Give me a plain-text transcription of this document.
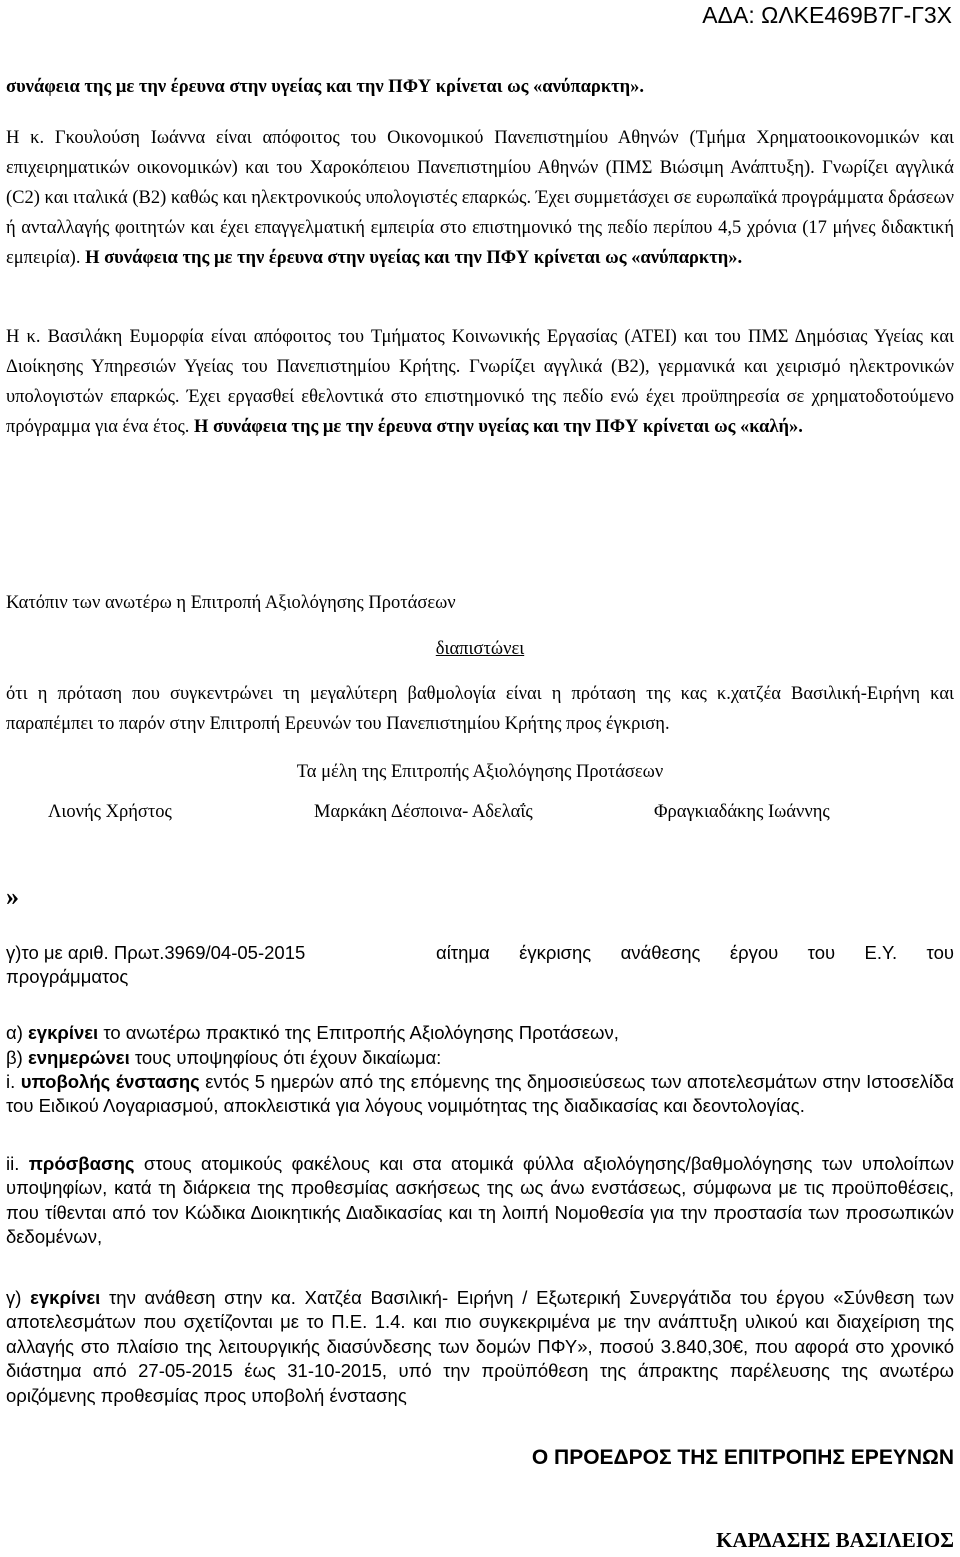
ΑΔΑ: ΩΛΚΕ469Β7Γ-Γ3Χ

συνάφεια της με την έρευνα στην υγείας και την ΠΦΥ κρίνεται ως «ανύπαρκτη».

Η κ. Γκουλούση Ιωάννα είναι απόφοιτος του Οικονομικού Πανεπιστημίου Αθηνών (Τμήμα Χρηματοοικονομικών και επιχειρηματικών οικονομικών) και του Χαροκόπειου Πανεπιστημίου Αθηνών (ΠΜΣ Βιώσιμη Ανάπτυξη). Γνωρίζει αγγλικά (C2) και ιταλικά (Β2) καθώς και ηλεκτρονικούς υπολογιστές επαρκώς. Έχει συμμετάσχει σε ευρωπαϊκά προγράμματα δράσεων ή ανταλλαγής φοιτητών και έχει επαγγελματική εμπειρία στο επιστημονικό της πεδίο περίπου 4,5 χρόνια (17 μήνες διδακτική εμπειρία). Η συνάφεια της με την έρευνα στην υγείας και την ΠΦΥ κρίνεται ως «ανύπαρκτη».

Η κ. Βασιλάκη Ευμορφία είναι απόφοιτος του Τμήματος Κοινωνικής Εργασίας (ΑΤΕΙ) και του ΠΜΣ Δημόσιας Υγείας και Διοίκησης Υπηρεσιών Υγείας του Πανεπιστημίου Κρήτης. Γνωρίζει αγγλικά (Β2), γερμανικά και χειρισμό ηλεκτρονικών υπολογιστών επαρκώς. Έχει εργασθεί εθελοντικά στο επιστημονικό της πεδίο ενώ έχει προϋπηρεσία σε χρηματοδοτούμενο πρόγραμμα για ένα έτος. Η συνάφεια της με την έρευνα στην υγείας και την ΠΦΥ κρίνεται ως «καλή».

Κατόπιν των ανωτέρω η Επιτροπή Αξιολόγησης Προτάσεων

διαπιστώνει

ότι η πρόταση που συγκεντρώνει τη μεγαλύτερη βαθμολογία είναι η πρόταση της κας κ.χατζέα Βασιλική-Ειρήνη και παραπέμπει το παρόν στην Επιτροπή Ερευνών του Πανεπιστημίου Κρήτης προς έγκριση.

Τα μέλη της Επιτροπής Αξιολόγησης Προτάσεων

Λιονής Χρήστος	Μαρκάκη Δέσποινα- Αδελαΐς	Φραγκιαδάκης Ιωάννης
»
γ)το με αριθ. Πρωτ.3969/04-05-2015	αίτημα έγκρισης ανάθεσης έργου του Ε.Υ. του
προγράμματος

α) εγκρίνει το ανωτέρω πρακτικό της Επιτροπής Αξιολόγησης Προτάσεων,

β) ενημερώνει τους υποψηφίους ότι έχουν δικαίωμα:

i. υποβολής ένστασης εντός 5 ημερών από της επόμενης της δημοσιεύσεως των αποτελεσμάτων στην Ιστοσελίδα του Ειδικού Λογαριασμού, αποκλειστικά για λόγους νομιμότητας της διαδικασίας και δεοντολογίας.

ii. πρόσβασης στους ατομικούς φακέλους και στα ατομικά φύλλα αξιολόγησης/βαθμολόγησης των υπολοίπων υποψηφίων, κατά τη διάρκεια της προθεσμίας ασκήσεως της ως άνω ενστάσεως, σύμφωνα με τις προϋποθέσεις, που τίθενται από τον Κώδικα Διοικητικής Διαδικασίας και τη λοιπή Νομοθεσία για την προστασία των προσωπικών δεδομένων,

γ) εγκρίνει την ανάθεση στην κα. Χατζέα Βασιλική- Ειρήνη / Εξωτερική Συνεργάτιδα του έργου «Σύνθεση των αποτελεσμάτων που σχετίζονται με το Π.Ε. 1.4. και πιο συγκεκριμένα με την ανάπτυξη υλικού και διαχείριση της αλλαγής στο πλαίσιο της λειτουργικής διασύνδεσης των δομών ΠΦΥ», ποσού 3.840,30€, που αφορά στο χρονικό διάστημα από 27-05-2015 έως 31-10-2015, υπό την προϋπόθεση της άπρακτης παρέλευσης της ανωτέρω οριζόμενης προθεσμίας προς υποβολή ένστασης

Ο ΠΡΟΕΔΡΟΣ ΤΗΣ ΕΠΙΤΡΟΠΗΣ ΕΡΕΥΝΩΝ
ΚΑΡΔΑΣΗΣ ΒΑΣΙΛΕΙΟΣ
